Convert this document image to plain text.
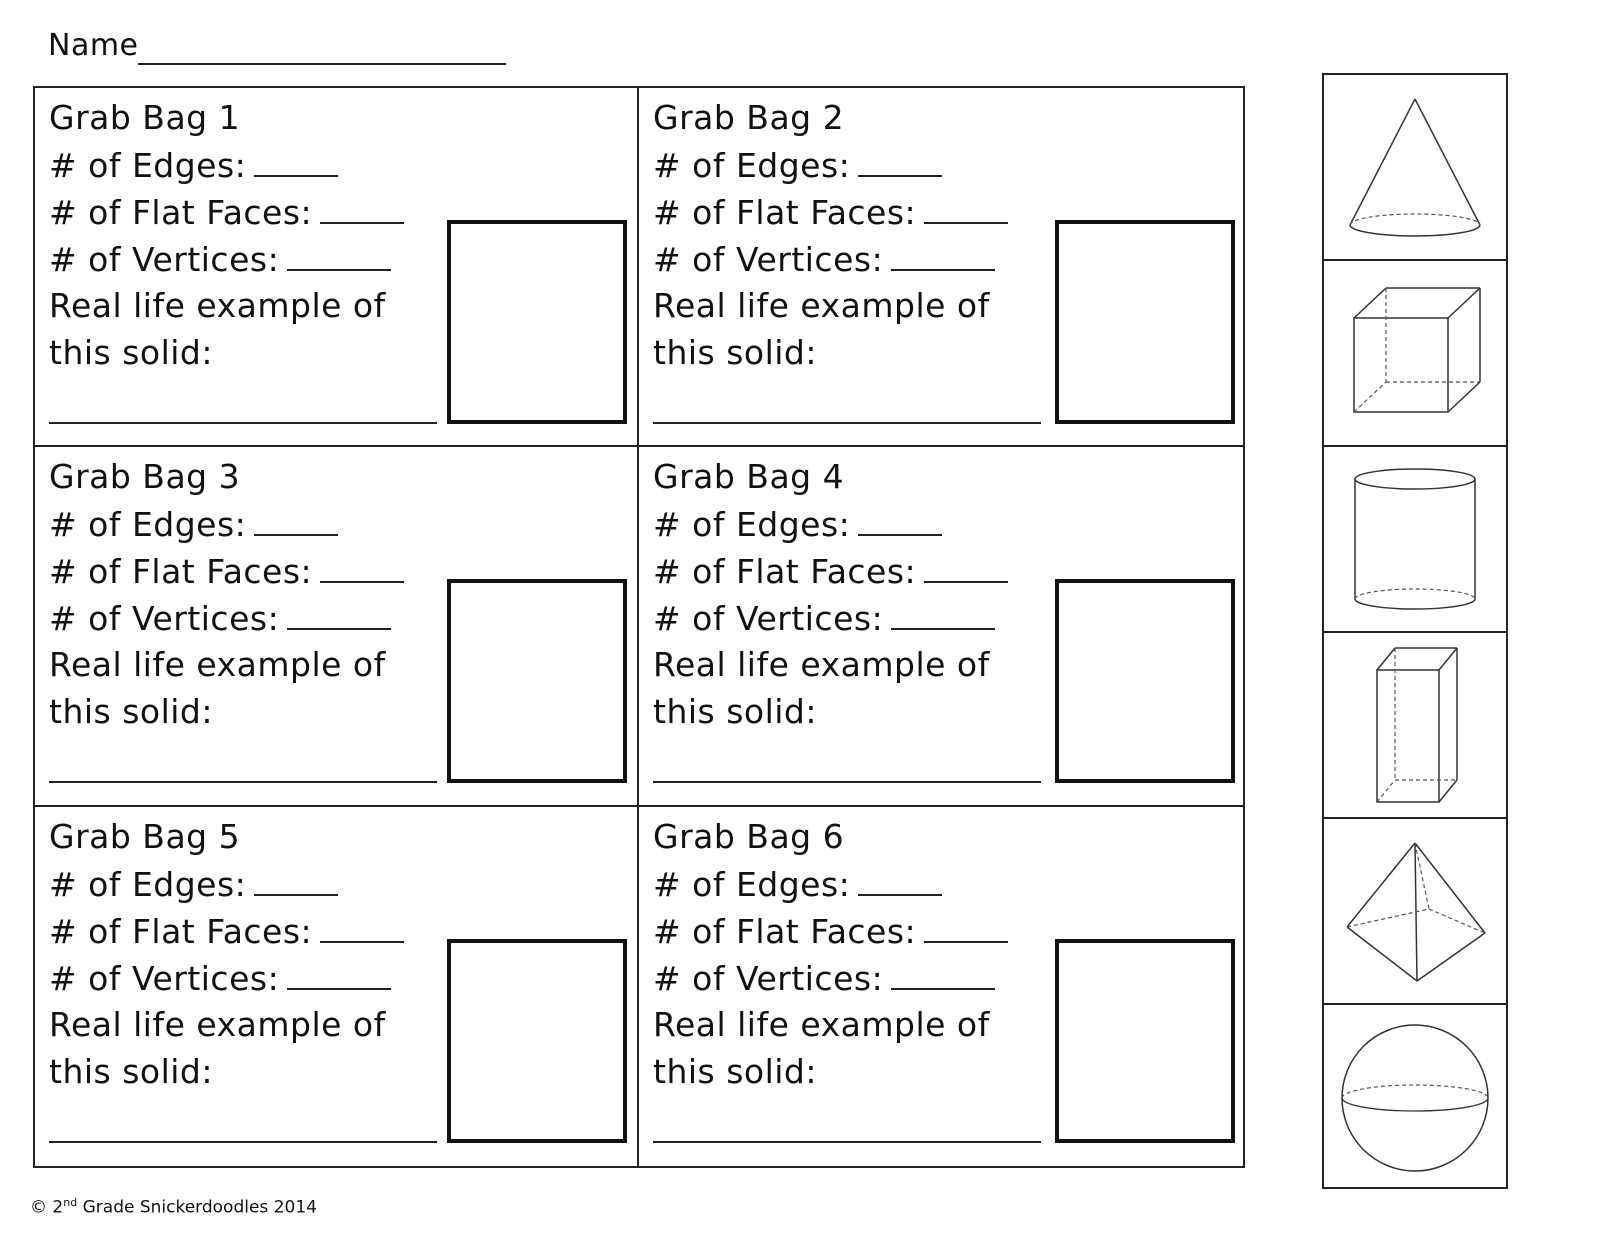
Name
Grab Bag 1
# of Edges:
# of Flat Faces:
# of Vertices:
Real life example of
this solid:
Grab Bag 2
# of Edges:
# of Flat Faces:
# of Vertices:
Real life example of
this solid:
Grab Bag 3
# of Edges:
# of Flat Faces:
# of Vertices:
Real life example of
this solid:
Grab Bag 4
# of Edges:
# of Flat Faces:
# of Vertices:
Real life example of
this solid:
Grab Bag 5
# of Edges:
# of Flat Faces:
# of Vertices:
Real life example of
this solid:
Grab Bag 6
# of Edges:
# of Flat Faces:
# of Vertices:
Real life example of
this solid:
© 2nd Grade Snickerdoodles 2014
